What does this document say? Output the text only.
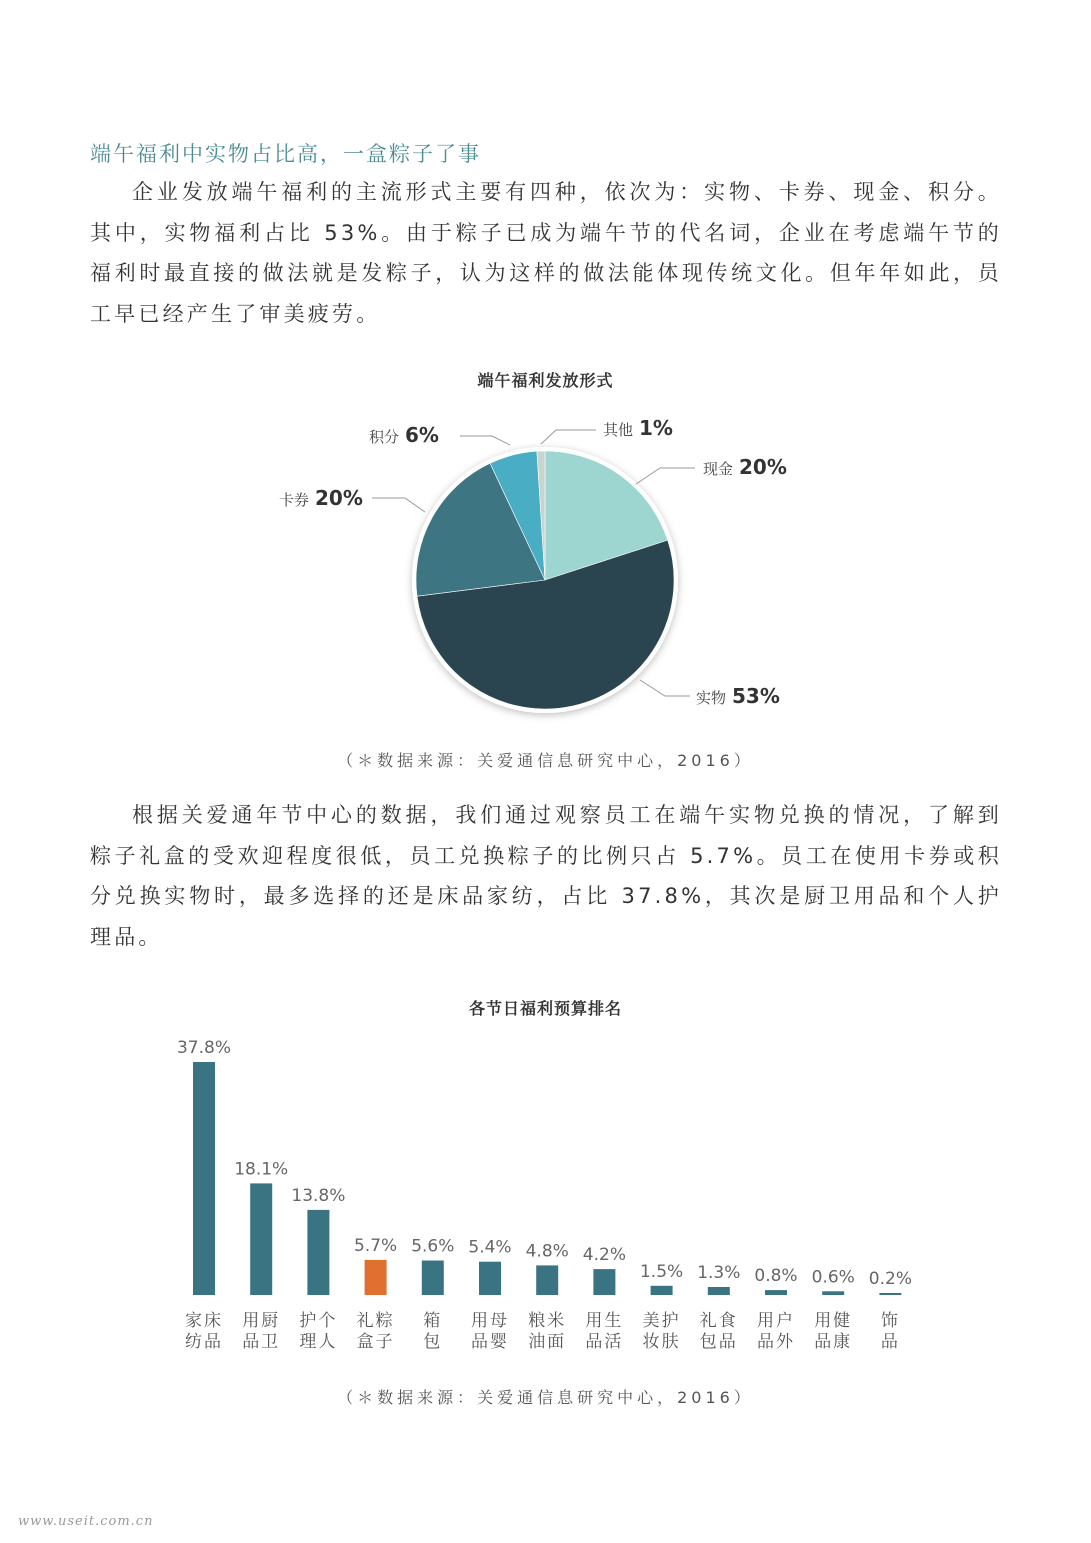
端午福利中实物占比高，一盒粽子了事

企业发放端午福利的主流形式主要有四种，依次为：实物、卡券、现金、积分。其中，实物福利占比 53%。由于粽子已成为端午节的代名词，企业在考虑端午节的福利时最直接的做法就是发粽子，认为这样的做法能体现传统文化。但年年如此，员工早已经产生了审美疲劳。

端午福利发放形式
现金 20%
实物 53%
卡券 20%
积分 6%	其他 1%
（＊数据来源：关爱通信息研究中心，2016）

根据关爱通年节中心的数据，我们通过观察员工在端午实物兑换的情况，了解到粽子礼盒的受欢迎程度很低，员工兑换粽子的比例只占 5.7%。员工在使用卡券或积分兑换实物时，最多选择的还是床品家纺，占比 37.8%，其次是厨卫用品和个人护理品。

各节日福利预算排名
37.8%
家床
纺品
18.1%
用厨
品卫
13.8%
护个
理人
5.7%
礼粽
盒子
5.6%
箱
包
5.4%
用母
品婴
4.8%
粮米
油面
4.2%
用生
品活
1.5%
美护
妆肤
1.3%
礼食
包品
0.8%
用户
品外
0.6%
用健
品康
0.2%
饰
品
（＊数据来源：关爱通信息研究中心，2016）
www.useit.com.cn
